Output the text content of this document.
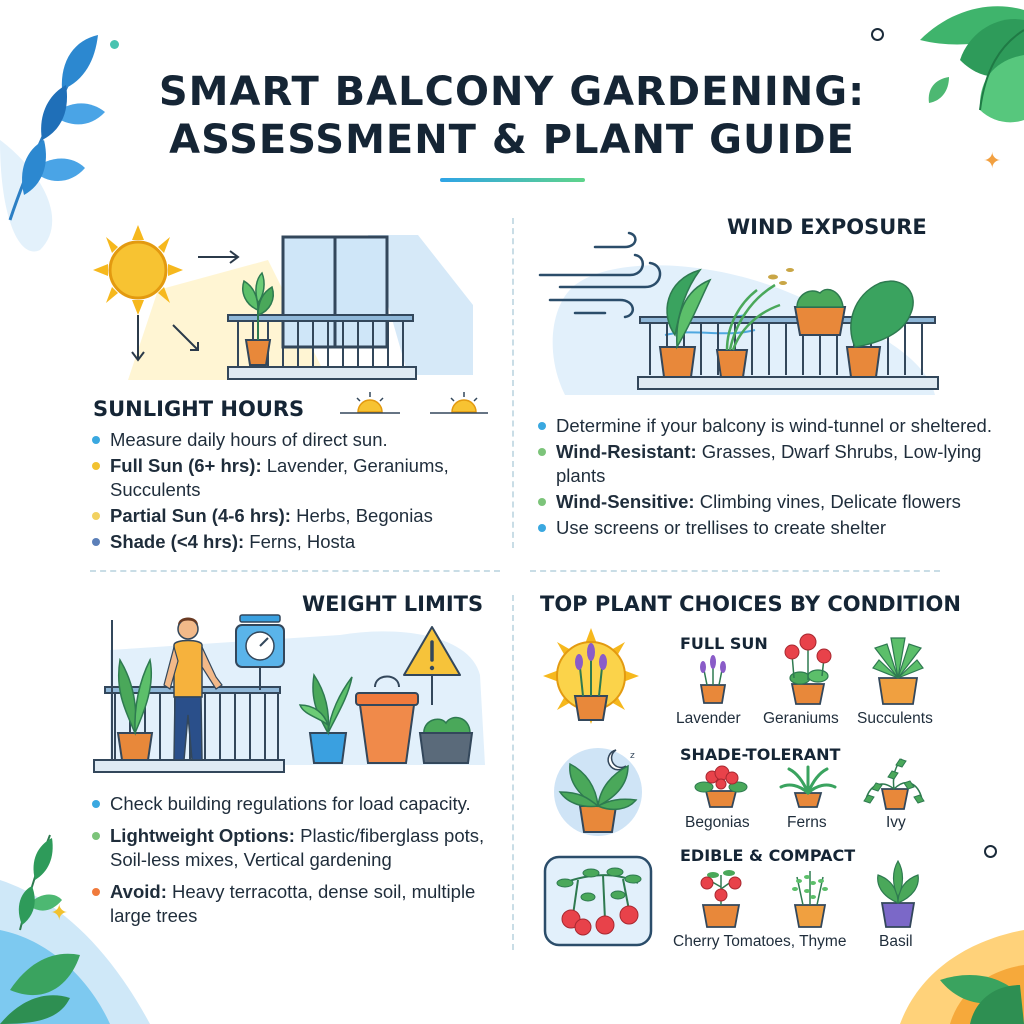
✦
✦
SMART BALCONY GARDENING:
ASSESSMENT & PLANT GUIDE
SUNLIGHT HOURS
Measure daily hours of direct sun.
Full Sun (6+ hrs): Lavender, Geraniums, Succulents
Partial Sun (4-6 hrs): Herbs, Begonias
Shade (<4 hrs): Ferns, Hosta
WIND EXPOSURE
Determine if your balcony is wind-tunnel or sheltered.
Wind-Resistant: Grasses, Dwarf Shrubs, Low-lying plants
Wind-Sensitive: Climbing vines, Delicate flowers
Use screens or trellises to create shelter
WEIGHT LIMITS
Check building regulations for load capacity.
Lightweight Options: Plastic/fiberglass pots, Soil-less mixes, Vertical gardening
Avoid: Heavy terracotta, dense soil, multiple large trees
TOP PLANT CHOICES BY CONDITION
FULL SUN
Lavender Geraniums Succulents
z	SHADE-TOLERANT
Begonias Ferns	Ivy
EDIBLE & COMPACT
Cherry Tomatoes, Thyme Basil
